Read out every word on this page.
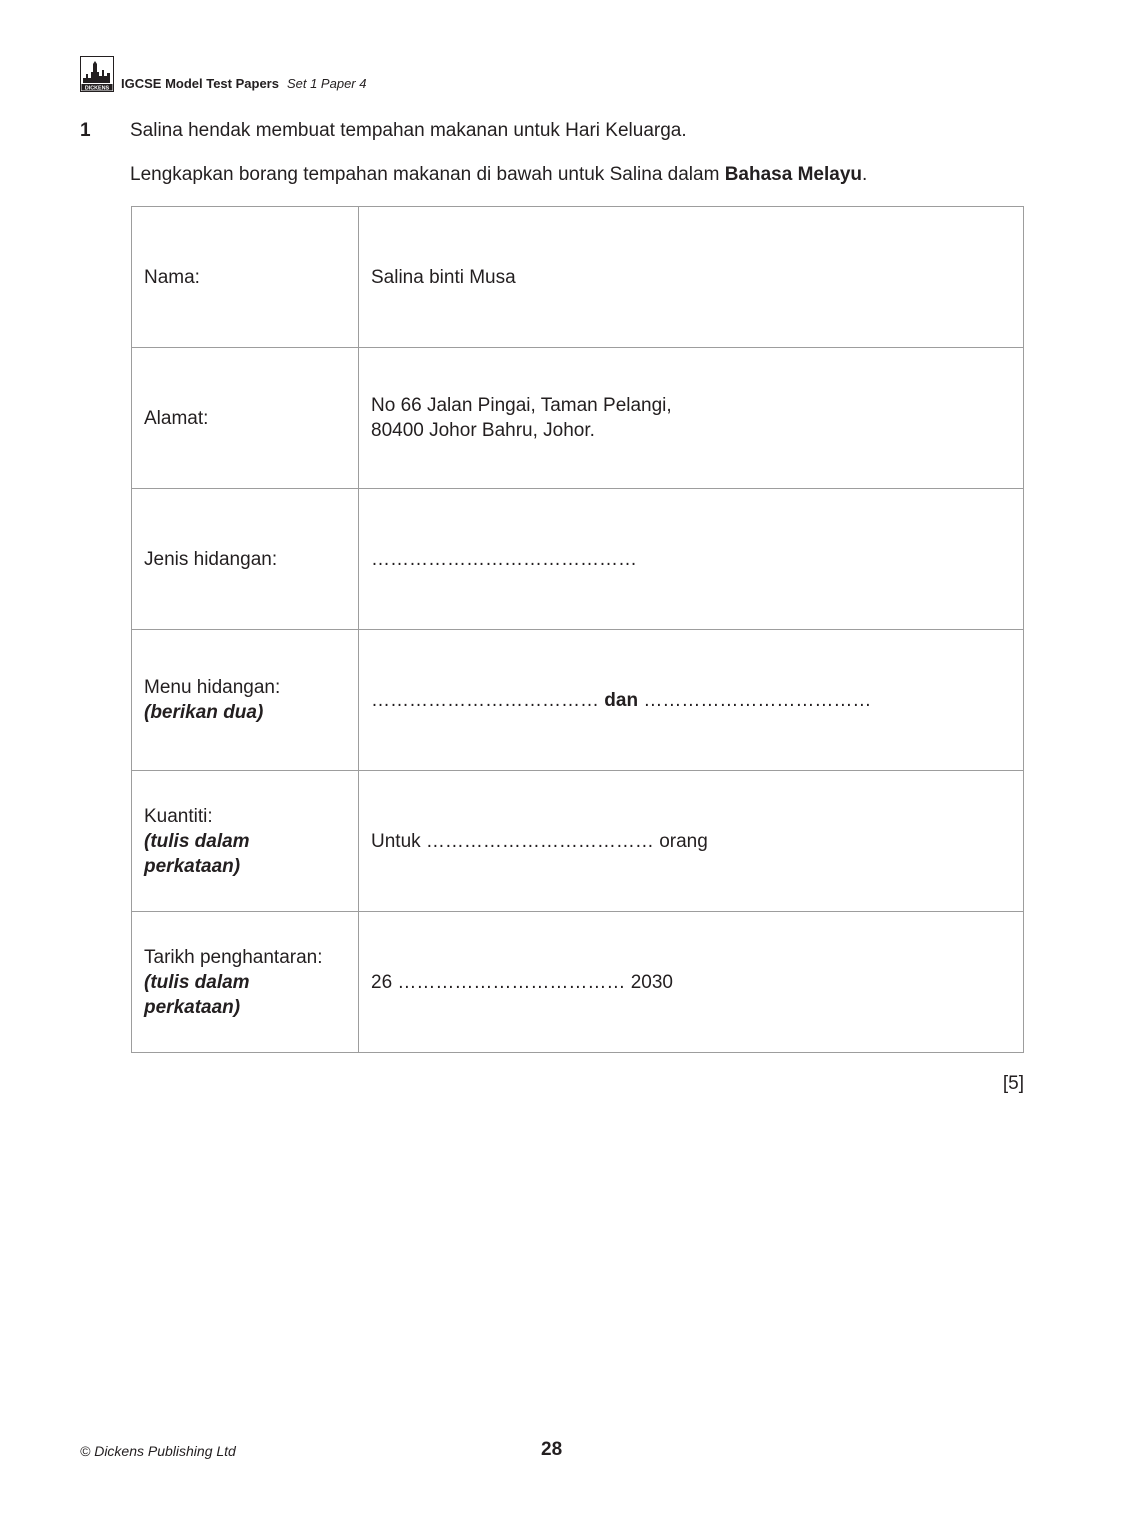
DICKENS IGCSE Model Test Papers Set 1 Paper 4
1 Salina hendak membuat tempahan makanan untuk Hari Keluarga.
Lengkapkan borang tempahan makanan di bawah untuk Salina dalam Bahasa Melayu.
Nama:	Salina binti Musa
Alamat:	No 66 Jalan Pingai, Taman Pelangi,
80400 Johor Bahru, Johor.
Jenis hidangan:	……………………………………
Menu hidangan:
(berikan dua)	……………………………… dan ………………………………
Kuantiti:
(tulis dalam
perkataan)	Untuk ……………………………… orang
Tarikh penghantaran:
(tulis dalam
perkataan)	26 ……………………………… 2030
[5]
© Dickens Publishing Ltd	28
